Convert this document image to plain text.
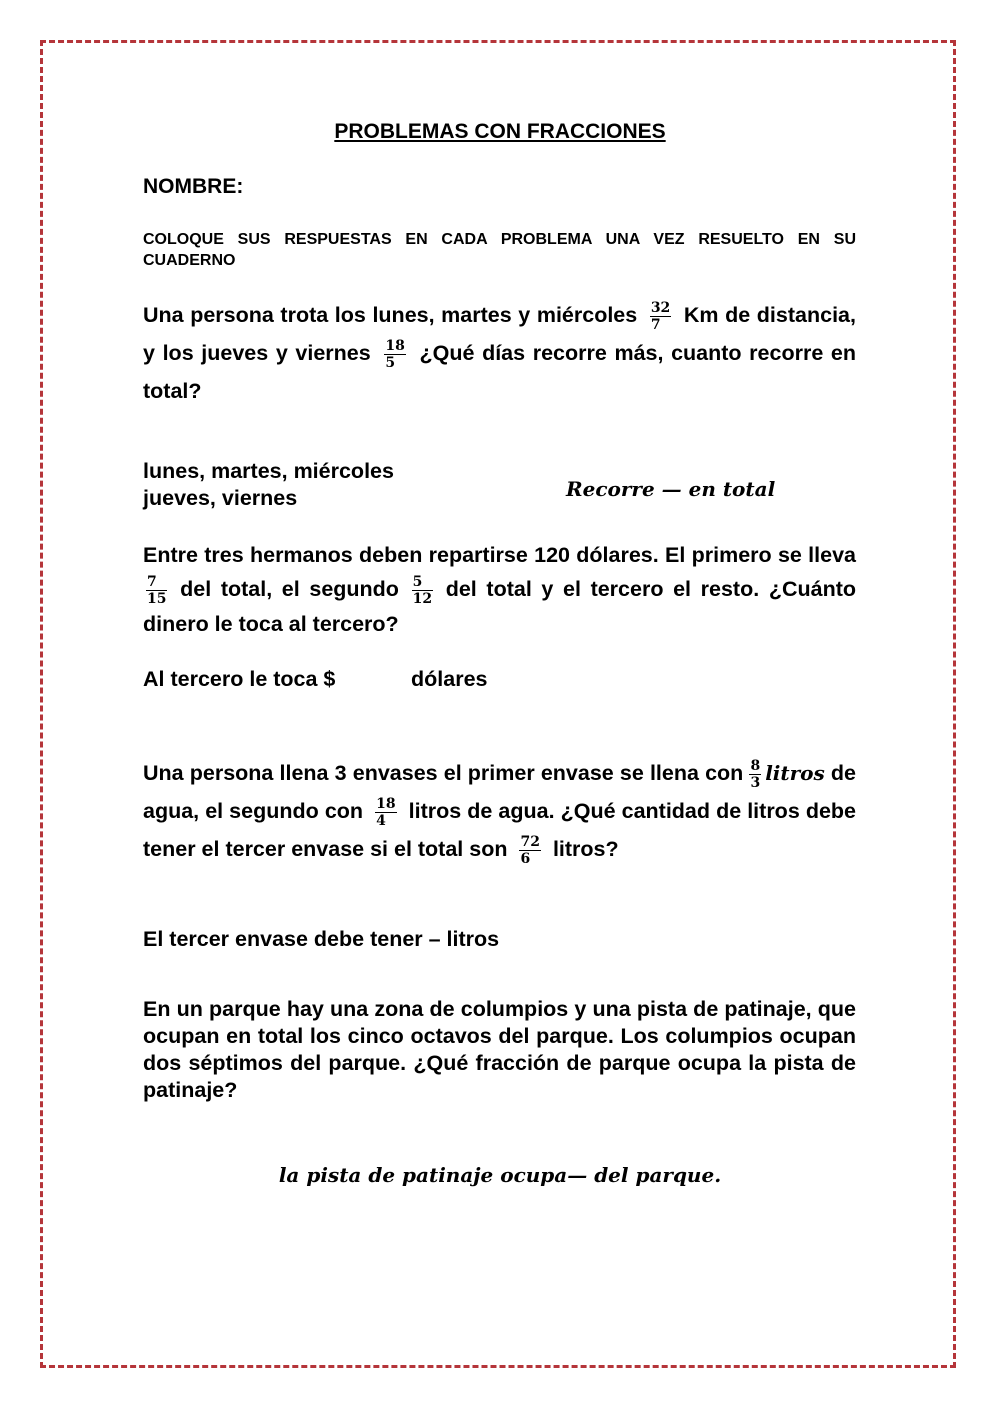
PROBLEMAS CON FRACCIONES
NOMBRE:
COLOQUE SUS RESPUESTAS EN CADA PROBLEMA UNA VEZ RESUELTO EN SU CUADERNO
Una persona trota los lunes, martes y miércoles $\frac{32}{7}$ Km de distancia, y los jueves y viernes $\frac{18}{5}$ ¿Qué días recorre más, cuanto recorre en total?
lunes, martes, miércoles
jueves, viernes	Recorre — en total
Entre tres hermanos deben repartirse 120 dólares. El primero se lleva
$\frac{7}{15}$ del total, el segundo $\frac{5}{12}$ del total y el tercero el resto. ¿Cuánto dinero le toca al tercero?
Al tercero le toca $	dólares
Una persona llena 3 envases el primer envase se llena con $\frac{8}{3}$ litros de agua, el segundo con $\frac{18}{4}$ litros de agua. ¿Qué cantidad de litros debe tener el tercer envase si el total son $\frac{72}{6}$ litros?
El tercer envase debe tener – litros
En un parque hay una zona de columpios y una pista de patinaje, que ocupan en total los cinco octavos del parque. Los columpios ocupan dos séptimos del parque. ¿Qué fracción de parque ocupa la pista de patinaje?
la pista de patinaje ocupa— del parque.
